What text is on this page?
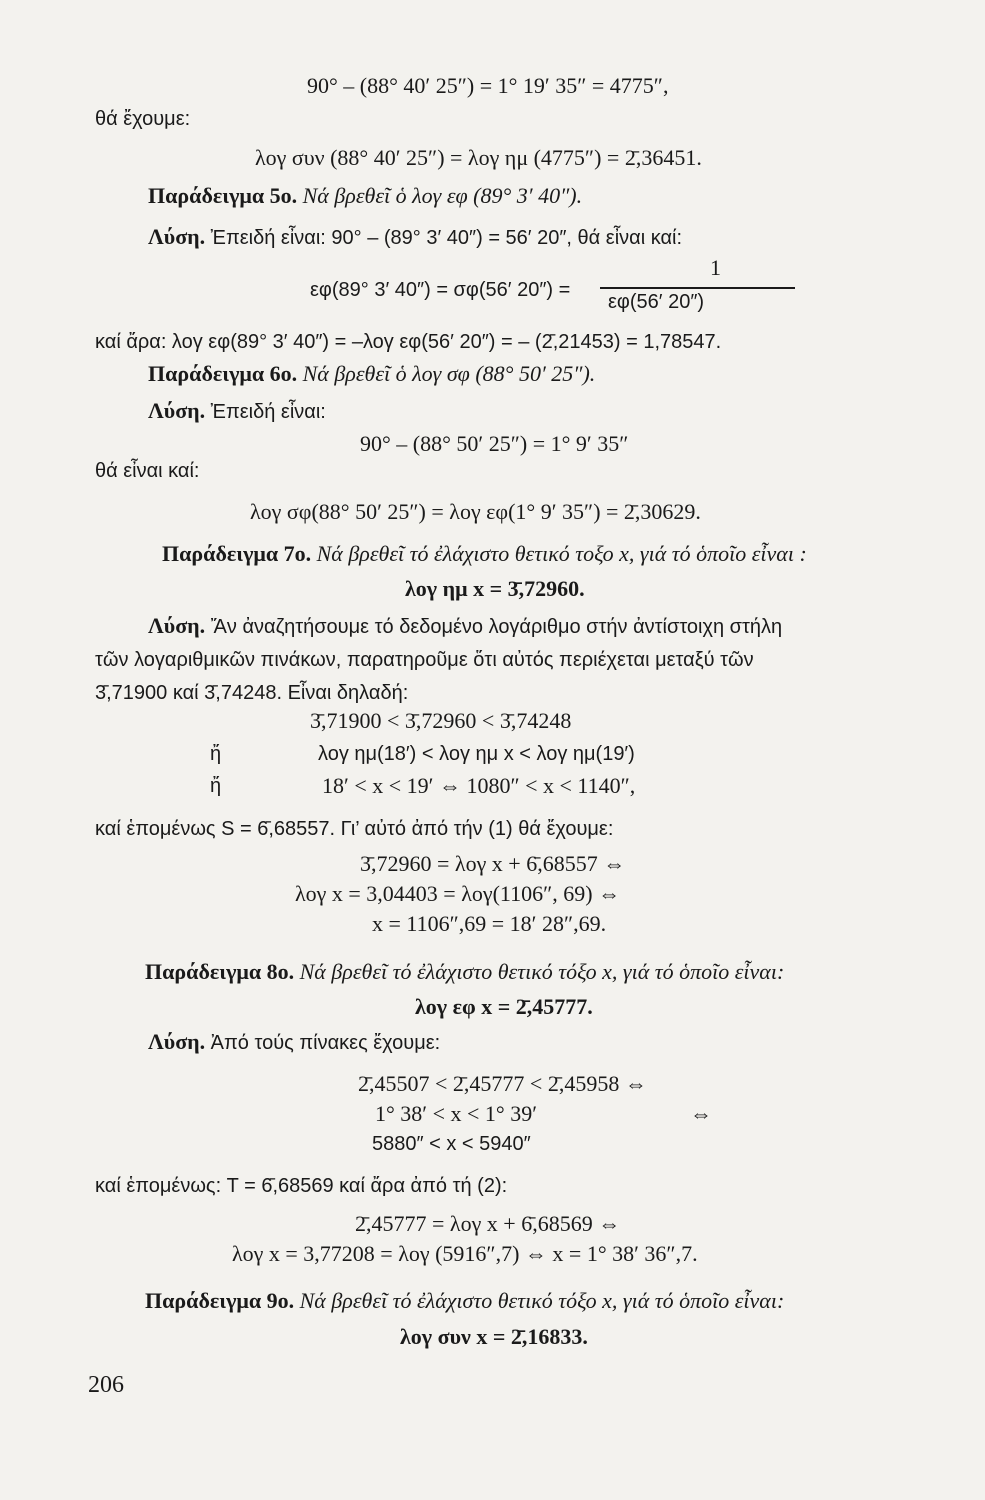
90° – (88° 40′ 25″) = 1° 19′ 35″ = 4775″,
θά ἔχουμε:
λογ συν (88° 40′ 25″) = λογ ημ (4775″) = 2̄,36451.
Παράδειγμα 5ο. Νά βρεθεῖ ὁ λογ εφ (89° 3′ 40″).
Λύση. Ἐπειδή εἶναι: 90° – (89° 3′ 40″) = 56′ 20″, θά εἶναι καί:
εφ(89° 3′ 40″) = σφ(56′ 20″) =
1
εφ(56′ 20″)
καί ἄρα: λογ εφ(89° 3′ 40″) = –λογ εφ(56′ 20″) = – (2̄,21453) = 1,78547.
Παράδειγμα 6ο. Νά βρεθεῖ ὁ λογ σφ (88° 50′ 25″).
Λύση. Ἐπειδή εἶναι:
90° – (88° 50′ 25″) = 1° 9′ 35″
θά εἶναι καί:
λογ σφ(88° 50′ 25″) = λογ εφ(1° 9′ 35″) = 2̄,30629.
Παράδειγμα 7ο. Νά βρεθεῖ τό ἐλάχιστο θετικό τοξο x, γιά τό ὁποῖο εἶναι :
λογ ημ x = 3̄,72960.
Λύση. Ἄν ἀναζητήσουμε τό δεδομένο λογάριθμο στήν ἀντίστοιχη στήλη
τῶν λογαριθμικῶν πινάκων, παρατηροῦμε ὅτι αὐτός περιέχεται μεταξύ τῶν
3̄,71900 καί 3̄,74248. Εἶναι δηλαδή:
3̄,71900 < 3̄,72960 < 3̄,74248
ἤ	λογ ημ(18′) < λογ ημ x < λογ ημ(19′)
ἤ	18′ < x < 19′ ⇔ 1080″ < x < 1140″,
καί ἑπομένως S = 6̄,68557. Γι’ αὐτό ἀπό τήν (1) θά ἔχουμε:
3̄,72960 = λογ x + 6̄,68557 ⇔
λογ x = 3,04403 = λογ(1106″, 69) ⇔
x = 1106″,69 = 18′ 28″,69.
Παράδειγμα 8ο. Νά βρεθεῖ τό ἐλάχιστο θετικό τόξο x, γιά τό ὁποῖο εἶναι:
λογ εφ x = 2̄,45777.
Λύση. Ἀπό τούς πίνακες ἔχουμε:
2̄,45507 < 2̄,45777 < 2̄,45958 ⇔
1° 38′ < x < 1° 39′	⇔
5880″ < x < 5940″
καί ἑπομένως: T = 6̄,68569 καί ἄρα ἀπό τή (2):
2̄,45777 = λογ x + 6̄,68569 ⇔
λογ x = 3,77208 = λογ (5916″,7) ⇔ x = 1° 38′ 36″,7.
Παράδειγμα 9ο. Νά βρεθεῖ τό ἐλάχιστο θετικό τόξο x, γιά τό ὁποῖο εἶναι:
λογ συν x = 2̄,16833.
206
